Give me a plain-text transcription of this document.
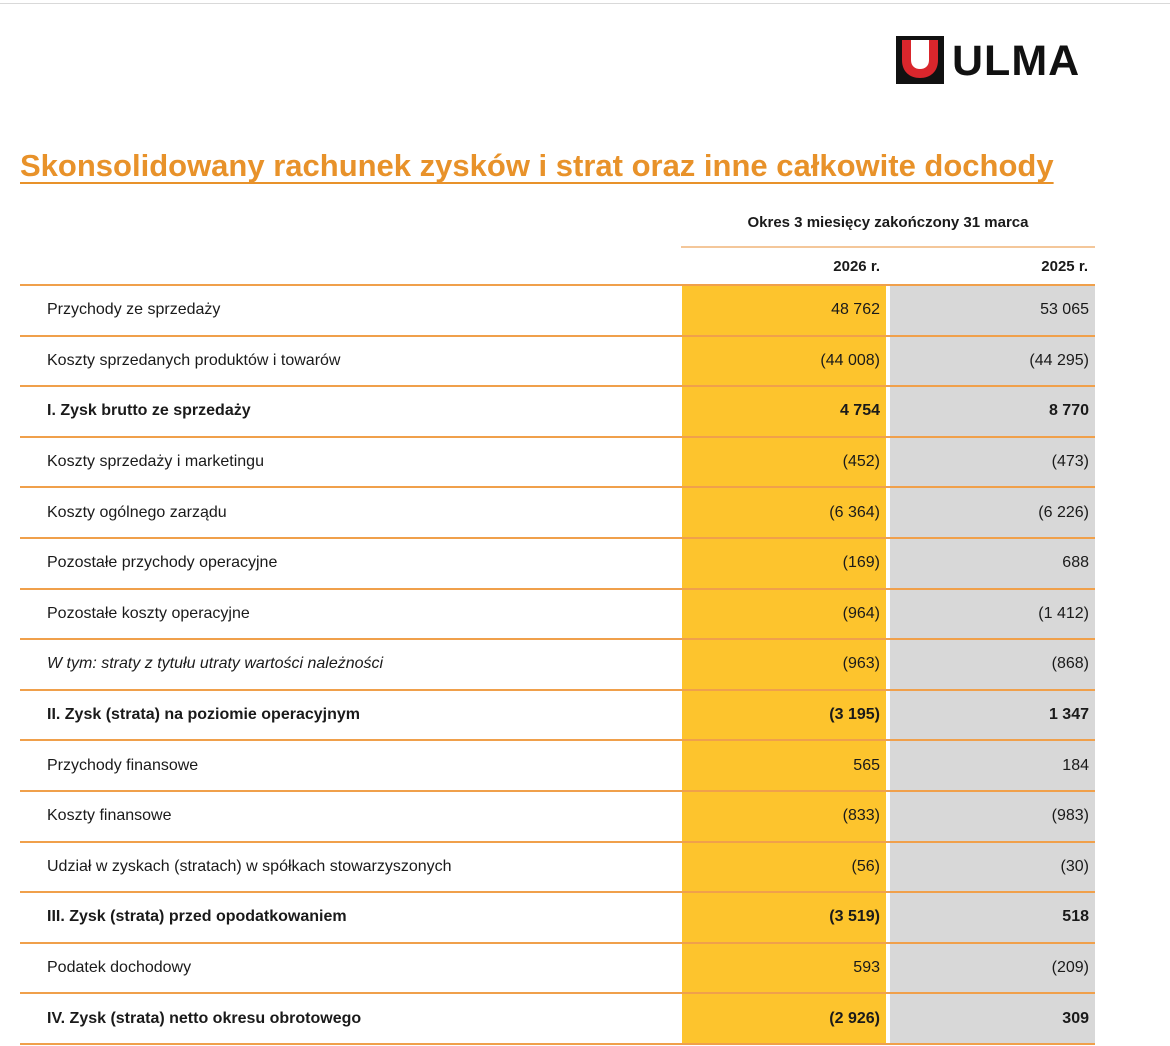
ULMA
Skonsolidowany rachunek zysków i strat oraz inne całkowite dochody
Okres 3 miesięcy zakończony 31 marca
2026 r.	2025 r.
Przychody ze sprzedaży	48 762	53 065
Koszty sprzedanych produktów i towarów	(44 008)	(44 295)
I. Zysk brutto ze sprzedaży	4 754	8 770
Koszty sprzedaży i marketingu	(452)	(473)
Koszty ogólnego zarządu	(6 364)	(6 226)
Pozostałe przychody operacyjne	(169)	688
Pozostałe koszty operacyjne	(964)	(1 412)
W tym: straty z tytułu utraty wartości należności	(963)	(868)
II. Zysk (strata) na poziomie operacyjnym	(3 195)	1 347
Przychody finansowe	565	184
Koszty finansowe	(833)	(983)
Udział w zyskach (stratach) w spółkach stowarzyszonych	(56)	(30)
III. Zysk (strata) przed opodatkowaniem	(3 519)	518
Podatek dochodowy	593	(209)
IV. Zysk (strata) netto okresu obrotowego	(2 926)	309
